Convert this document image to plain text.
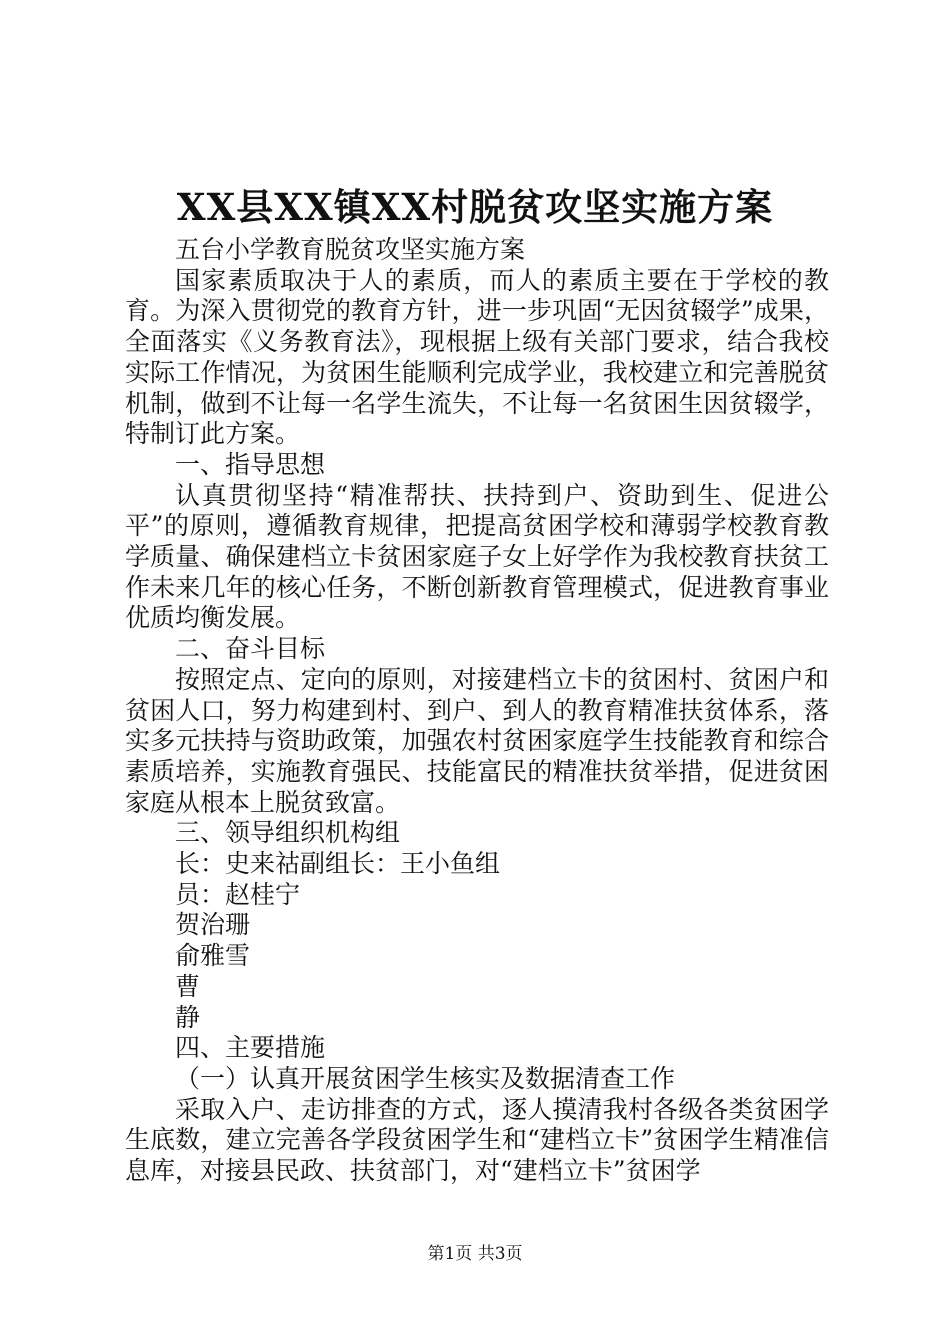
XX县XX镇XX村脱贫攻坚实施方案

五台小学教育脱贫攻坚实施方案

国家素质取决于人的素质，而人的素质主要在于学校的教育。为深入贯彻党的教育方针，进一步巩固“无因贫辍学”成果，全面落实《义务教育法》，现根据上级有关部门要求，结合我校实际工作情况，为贫困生能顺利完成学业，我校建立和完善脱贫机制，做到不让每一名学生流失，不让每一名贫困生因贫辍学，特制订此方案。

一、指导思想

认真贯彻坚持“精准帮扶、扶持到户、资助到生、促进公平”的原则，遵循教育规律，把提高贫困学校和薄弱学校教育教学质量、确保建档立卡贫困家庭子女上好学作为我校教育扶贫工作未来几年的核心任务，不断创新教育管理模式，促进教育事业优质均衡发展。

二、奋斗目标

按照定点、定向的原则，对接建档立卡的贫困村、贫困户和贫困人口，努力构建到村、到户、到人的教育精准扶贫体系，落实多元扶持与资助政策，加强农村贫困家庭学生技能教育和综合素质培养，实施教育强民、技能富民的精准扶贫举措，促进贫困家庭从根本上脱贫致富。

三、领导组织机构组

长：史来祜副组长：王小鱼组

员：赵桂宁

贺治珊

俞雅雪

曹

静

四、主要措施

（一）认真开展贫困学生核实及数据清查工作

采取入户、走访排查的方式，逐人摸清我村各级各类贫困学生底数，建立完善各学段贫困学生和“建档立卡”贫困学生精准信息库，对接县民政、扶贫部门，对“建档立卡”贫困学

第1页 共3页
